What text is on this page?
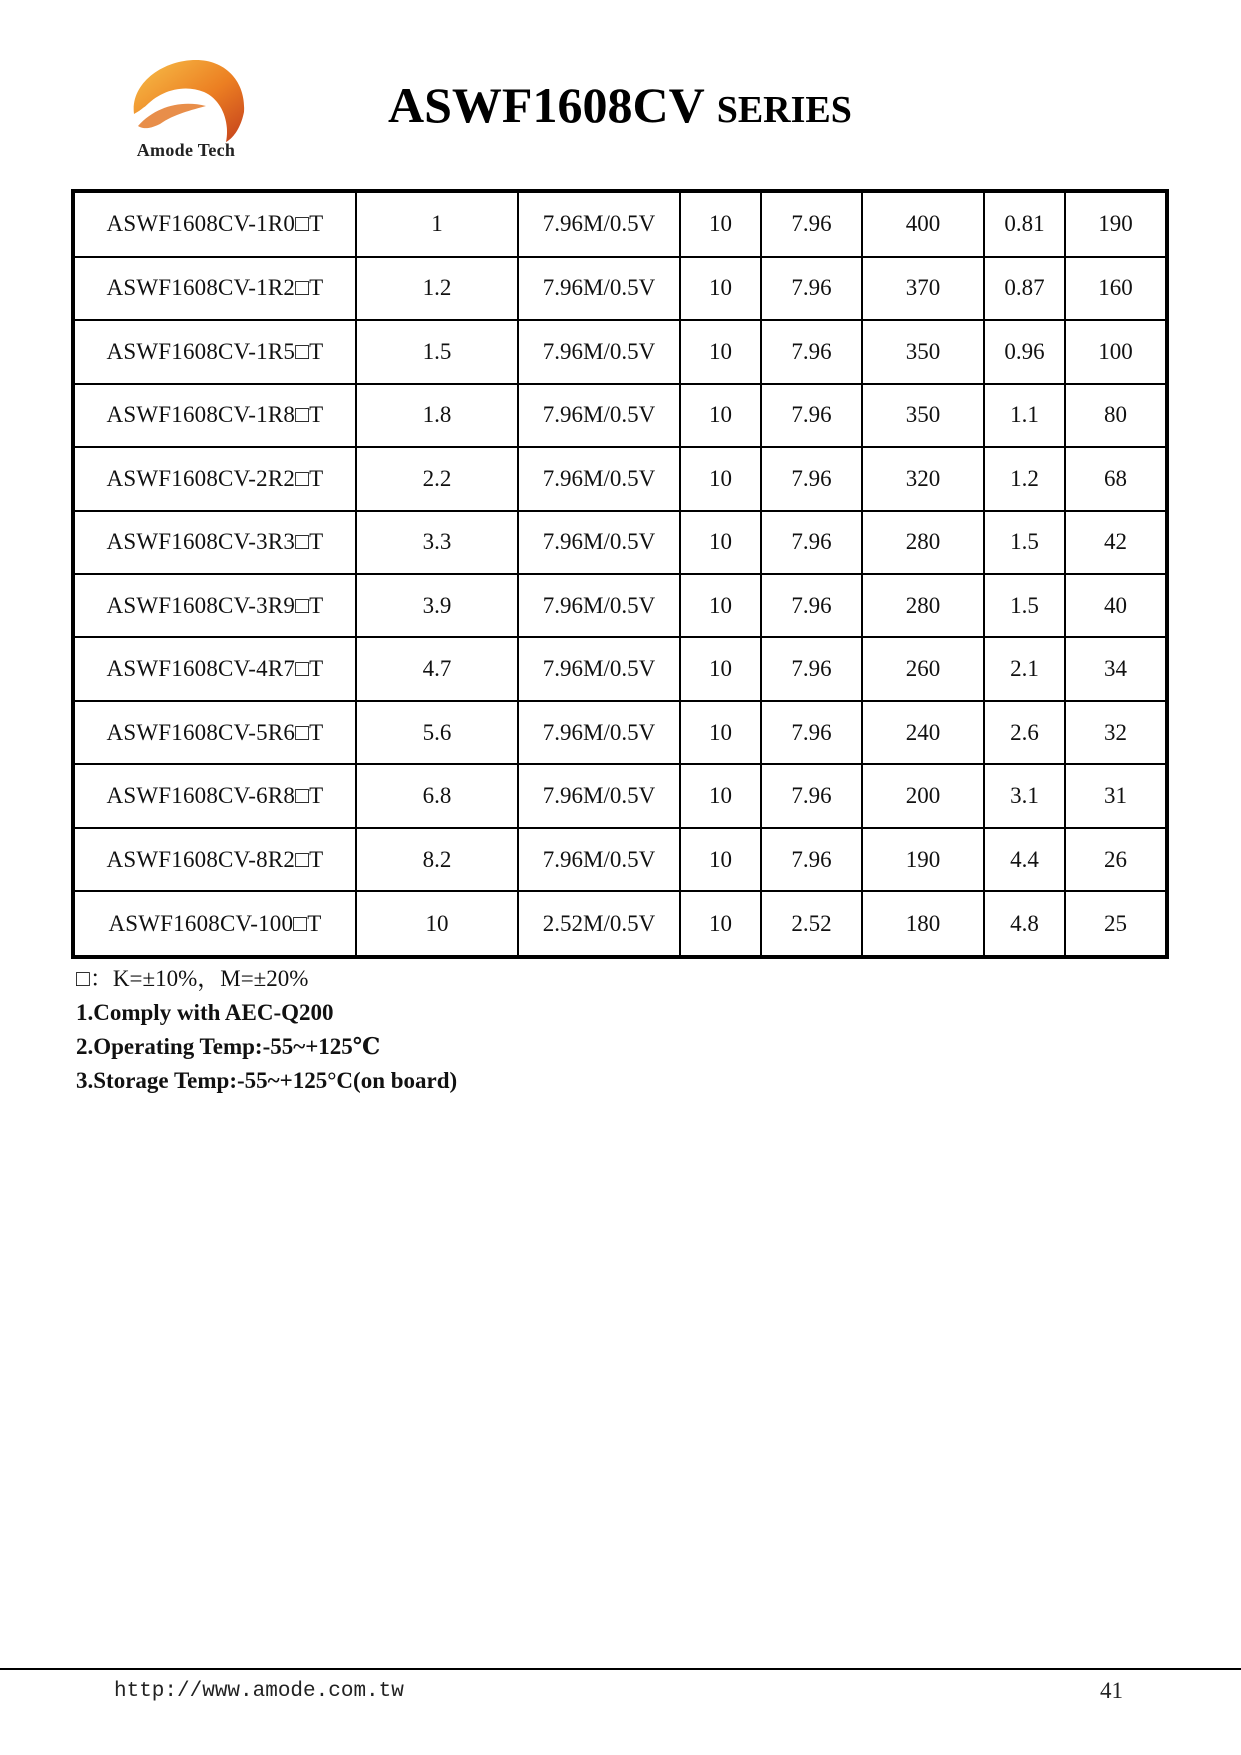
Amode Tech
ASWF1608CV SERIES
ASWF1608CV-1R0□T	1	7.96M/0.5V	10	7.96	400	0.81	190
ASWF1608CV-1R2□T	1.2	7.96M/0.5V	10	7.96	370	0.87	160
ASWF1608CV-1R5□T	1.5	7.96M/0.5V	10	7.96	350	0.96	100
ASWF1608CV-1R8□T	1.8	7.96M/0.5V	10	7.96	350	1.1	80
ASWF1608CV-2R2□T	2.2	7.96M/0.5V	10	7.96	320	1.2	68
ASWF1608CV-3R3□T	3.3	7.96M/0.5V	10	7.96	280	1.5	42
ASWF1608CV-3R9□T	3.9	7.96M/0.5V	10	7.96	280	1.5	40
ASWF1608CV-4R7□T	4.7	7.96M/0.5V	10	7.96	260	2.1	34
ASWF1608CV-5R6□T	5.6	7.96M/0.5V	10	7.96	240	2.6	32
ASWF1608CV-6R8□T	6.8	7.96M/0.5V	10	7.96	200	3.1	31
ASWF1608CV-8R2□T	8.2	7.96M/0.5V	10	7.96	190	4.4	26
ASWF1608CV-100□T	10	2.52M/0.5V	10	2.52	180	4.8	25
□：K=±10%，M=±20%
1.Comply with AEC-Q200
2.Operating Temp:-55~+125℃
3.Storage Temp:-55~+125°C(on board)
http://www.amode.com.tw	41
